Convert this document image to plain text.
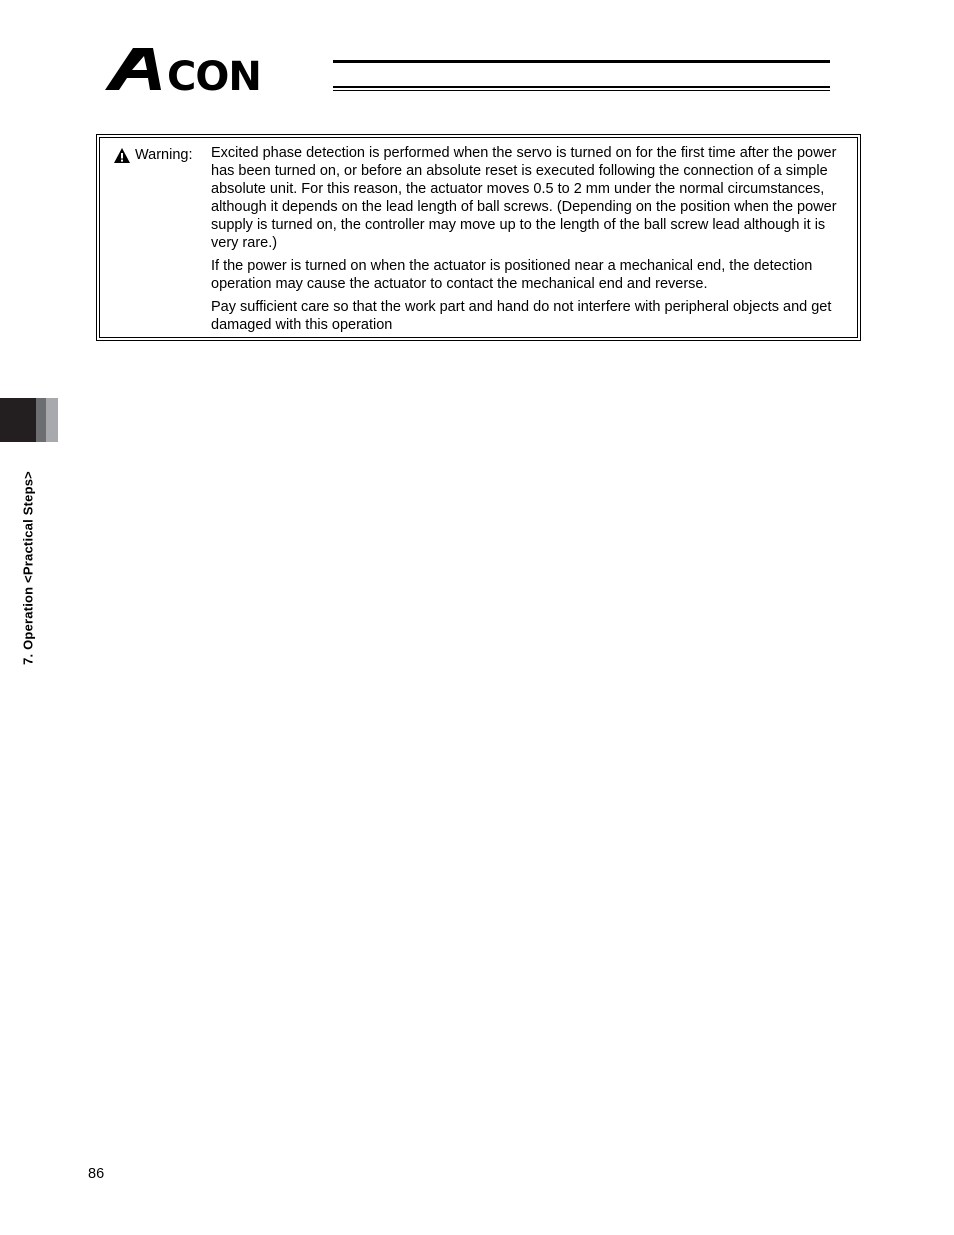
CON
Warning: Excited phase detection is performed when the servo is turned on for the first time after the power has been turned on, or before an absolute reset is executed following the connection of a simple absolute unit. For this reason, the actuator moves 0.5 to 2 mm under the normal circumstances, although it depends on the lead length of ball screws. (Depending on the position when the power supply is turned on, the controller may move up to the length of the ball screw lead although it is very rare.)

If the power is turned on when the actuator is positioned near a mechanical end, the detection operation may cause the actuator to contact the mechanical end and reverse.

Pay sufficient care so that the work part and hand do not interfere with peripheral objects and get damaged with this operation

7. Operation <Practical Steps>
86
